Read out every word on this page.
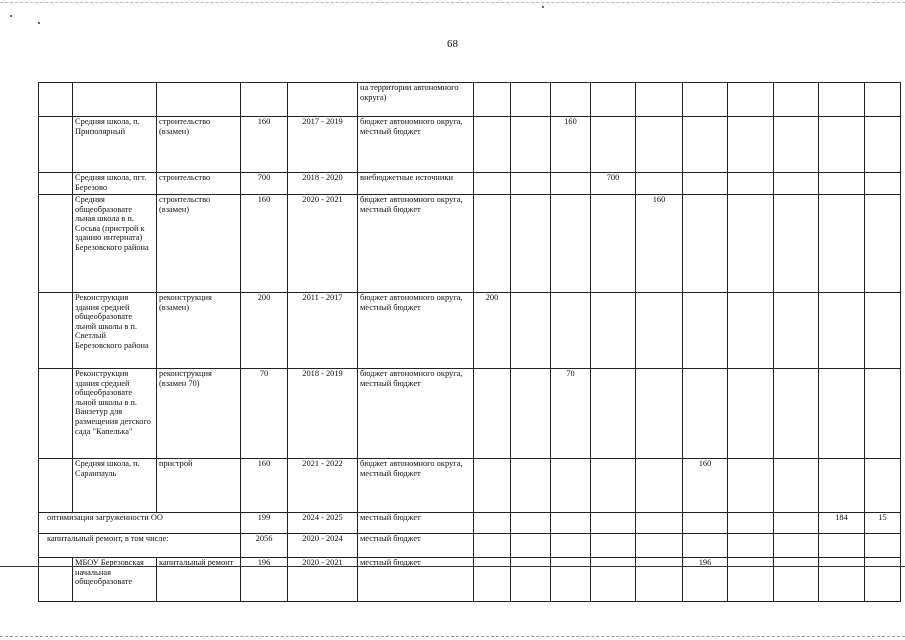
68
					на территории автономного округа)										
	Средняя школа, п. Приполярный	строительство (взамен)	160	2017 - 2019	бюджет автономного округа, местный бюджет			160							
	Средняя школа, пгт. Березово	строительство	700	2018 - 2020	внебюджетные источники				700						
	Средняя общеобразовате льная школа в п. Сосьва (пристрой к зданию интерната) Березовского района	строительство (взамен)	160	2020 - 2021	бюджет автономного округа, местный бюджет					160					
	Реконструкция здания средней общеобразовате льной школы в п. Светлый Березовского района	реконструкция (взамен)	200	2011 - 2017	бюджет автономного округа, местный бюджет	200									
	Реконструкция здания средней общеобразовате льной школы в п. Ванзетур для размещения детского сада "Капелька"	реконструкция (взамен 70)	70	2018 - 2019	бюджет автономного округа, местный бюджет			70							
	Средняя школа, п. Саранпауль	пристрой	160	2021 - 2022	бюджет автономного округа, местный бюджет						160				
оптимизация загруженности ОО			199	2024 - 2025	местный бюджет									184	15
капитальный ремонт, в том числе:			2056	2020 - 2024	местный бюджет										
	МБОУ Березовская начальная общеобразовате	капитальный ремонт	196	2020 - 2021	местный бюджет						196				
